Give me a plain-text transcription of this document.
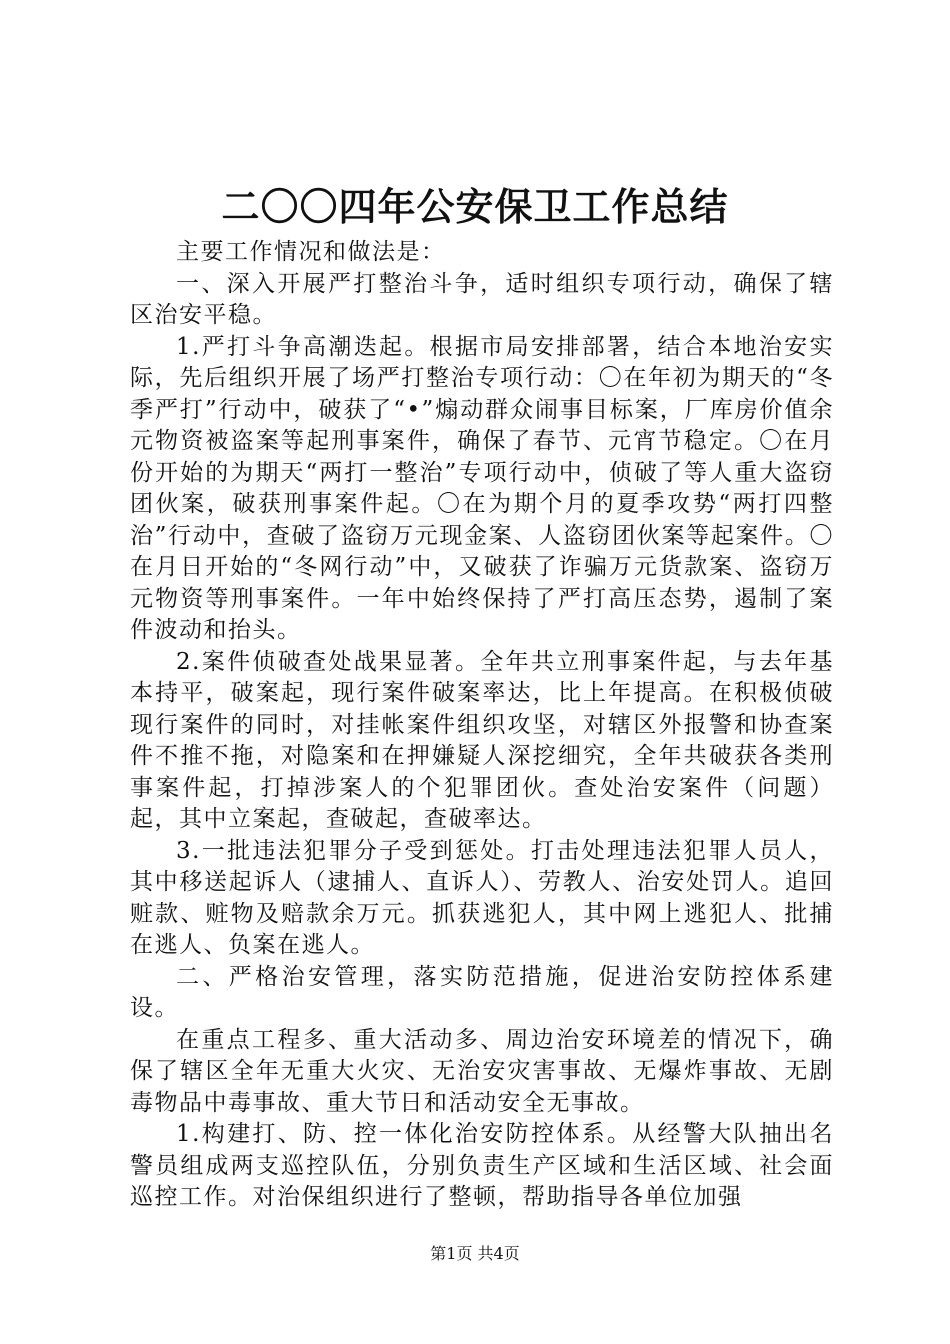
二〇〇四年公安保卫工作总结

主要工作情况和做法是：

一、深入开展严打整治斗争，适时组织专项行动，确保了辖区治安平稳。

1.严打斗争高潮迭起。根据市局安排部署，结合本地治安实际，先后组织开展了场严打整治专项行动：〇在年初为期天的“冬季严打”行动中，破获了“•”煽动群众闹事目标案，厂库房价值余元物资被盗案等起刑事案件，确保了春节、元宵节稳定。〇在月份开始的为期天“两打一整治”专项行动中，侦破了等人重大盗窃团伙案，破获刑事案件起。〇在为期个月的夏季攻势“两打四整治”行动中，查破了盗窃万元现金案、人盗窃团伙案等起案件。〇在月日开始的“冬网行动”中，又破获了诈骗万元货款案、盗窃万元物资等刑事案件。一年中始终保持了严打高压态势，遏制了案件波动和抬头。

2.案件侦破查处战果显著。全年共立刑事案件起，与去年基本持平，破案起，现行案件破案率达，比上年提高。在积极侦破现行案件的同时，对挂帐案件组织攻坚，对辖区外报警和协查案件不推不拖，对隐案和在押嫌疑人深挖细究，全年共破获各类刑事案件起，打掉涉案人的个犯罪团伙。查处治安案件（问题）起，其中立案起，查破起，查破率达。

3.一批违法犯罪分子受到惩处。打击处理违法犯罪人员人，其中移送起诉人（逮捕人、直诉人）、劳教人、治安处罚人。追回赃款、赃物及赔款余万元。抓获逃犯人，其中网上逃犯人、批捕在逃人、负案在逃人。

二、严格治安管理，落实防范措施，促进治安防控体系建设。

在重点工程多、重大活动多、周边治安环境差的情况下，确保了辖区全年无重大火灾、无治安灾害事故、无爆炸事故、无剧毒物品中毒事故、重大节日和活动安全无事故。

1.构建打、防、控一体化治安防控体系。从经警大队抽出名警员组成两支巡控队伍，分别负责生产区域和生活区域、社会面巡控工作。对治保组织进行了整顿，帮助指导各单位加强

第1页 共4页
